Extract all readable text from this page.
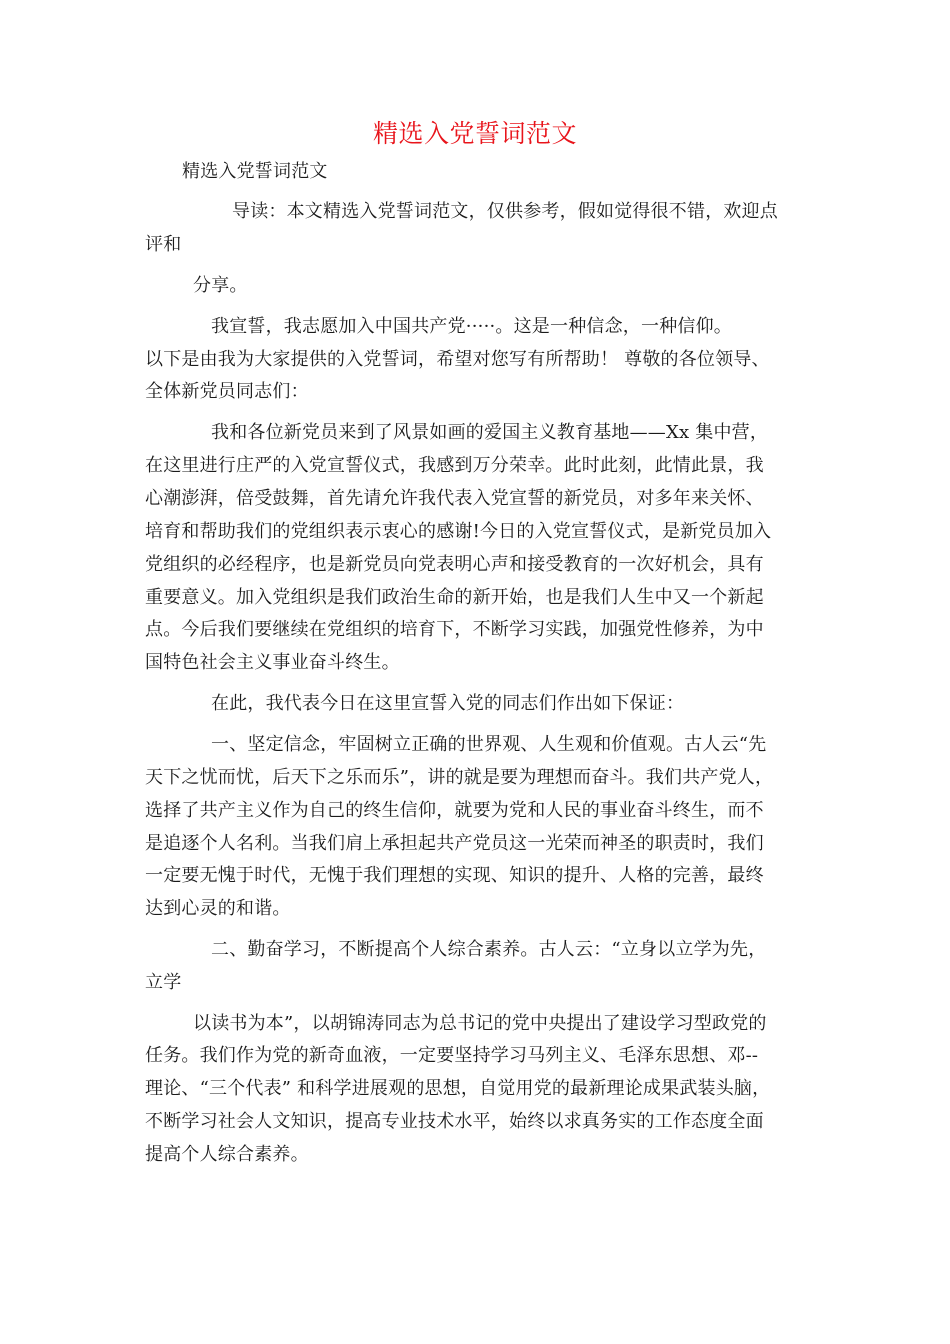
精选入党誓词范文
精选入党誓词范文
导读：本文精选入党誓词范文，仅供参考，假如觉得很不错，欢迎点
评和
分享。
我宣誓，我志愿加入中国共产党·····。这是一种信念，一种信仰。
以下是由我为大家提供的入党誓词，希望对您写有所帮助！ 尊敬的各位领导、
全体新党员同志们：
我和各位新党员来到了风景如画的爱国主义教育基地——Xx 集中营，
在这里进行庄严的入党宣誓仪式，我感到万分荣幸。此时此刻，此情此景，我
心潮澎湃，倍受鼓舞，首先请允许我代表入党宣誓的新党员，对多年来关怀、
培育和帮助我们的党组织表示衷心的感谢!今日的入党宣誓仪式，是新党员加入
党组织的必经程序，也是新党员向党表明心声和接受教育的一次好机会，具有
重要意义。加入党组织是我们政治生命的新开始，也是我们人生中又一个新起
点。今后我们要继续在党组织的培育下，不断学习实践，加强党性修养，为中
国特色社会主义事业奋斗终生。
在此，我代表今日在这里宣誓入党的同志们作出如下保证：
一、坚定信念，牢固树立正确的世界观、人生观和价值观。古人云“先
天下之忧而忧，后天下之乐而乐”，讲的就是要为理想而奋斗。我们共产党人，
选择了共产主义作为自己的终生信仰，就要为党和人民的事业奋斗终生，而不
是追逐个人名利。当我们肩上承担起共产党员这一光荣而神圣的职责时，我们
一定要无愧于时代，无愧于我们理想的实现、知识的提升、人格的完善，最终
达到心灵的和谐。
二、勤奋学习，不断提高个人综合素养。古人云：“立身以立学为先，
立学
以读书为本”，以胡锦涛同志为总书记的党中央提出了建设学习型政党的
任务。我们作为党的新奇血液，一定要坚持学习马列主义、毛泽东思想、邓--
理论、“三个代表” 和科学进展观的思想，自觉用党的最新理论成果武装头脑，
不断学习社会人文知识，提高专业技术水平，始终以求真务实的工作态度全面
提高个人综合素养。
